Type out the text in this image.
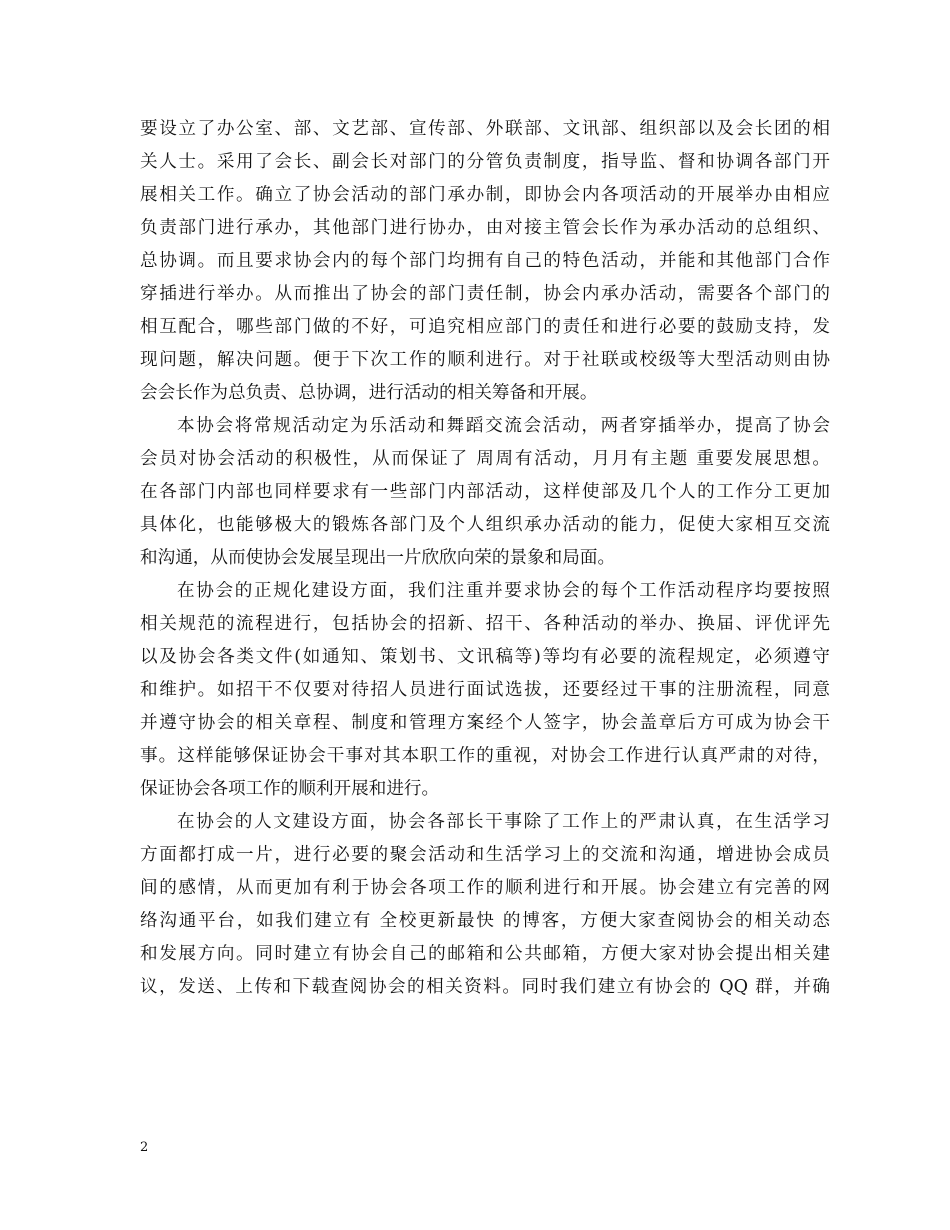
要设立了办公室、部、文艺部、宣传部、外联部、文讯部、组织部以及会长团的相
关人士。采用了会长、副会长对部门的分管负责制度，指导监、督和协调各部门开
展相关工作。确立了协会活动的部门承办制，即协会内各项活动的开展举办由相应
负责部门进行承办，其他部门进行协办，由对接主管会长作为承办活动的总组织、
总协调。而且要求协会内的每个部门均拥有自己的特色活动，并能和其他部门合作
穿插进行举办。从而推出了协会的部门责任制，协会内承办活动，需要各个部门的
相互配合，哪些部门做的不好，可追究相应部门的责任和进行必要的鼓励支持，发
现问题，解决问题。便于下次工作的顺利进行。对于社联或校级等大型活动则由协
会会长作为总负责、总协调，进行活动的相关筹备和开展。
本协会将常规活动定为乐活动和舞蹈交流会活动，两者穿插举办，提高了协会
会员对协会活动的积极性，从而保证了 周周有活动，月月有主题 重要发展思想。
在各部门内部也同样要求有一些部门内部活动，这样使部及几个人的工作分工更加
具体化，也能够极大的锻炼各部门及个人组织承办活动的能力，促使大家相互交流
和沟通，从而使协会发展呈现出一片欣欣向荣的景象和局面。
在协会的正规化建设方面，我们注重并要求协会的每个工作活动程序均要按照
相关规范的流程进行，包括协会的招新、招干、各种活动的举办、换届、评优评先
以及协会各类文件(如通知、策划书、文讯稿等)等均有必要的流程规定，必须遵守
和维护。如招干不仅要对待招人员进行面试选拔，还要经过干事的注册流程，同意
并遵守协会的相关章程、制度和管理方案经个人签字，协会盖章后方可成为协会干
事。这样能够保证协会干事对其本职工作的重视，对协会工作进行认真严肃的对待，
保证协会各项工作的顺利开展和进行。
在协会的人文建设方面，协会各部长干事除了工作上的严肃认真，在生活学习
方面都打成一片，进行必要的聚会活动和生活学习上的交流和沟通，增进协会成员
间的感情，从而更加有利于协会各项工作的顺利进行和开展。协会建立有完善的网
络沟通平台，如我们建立有 全校更新最快 的博客，方便大家查阅协会的相关动态
和发展方向。同时建立有协会自己的邮箱和公共邮箱，方便大家对协会提出相关建
议，发送、上传和下载查阅协会的相关资料。同时我们建立有协会的 QQ 群，并确
2
